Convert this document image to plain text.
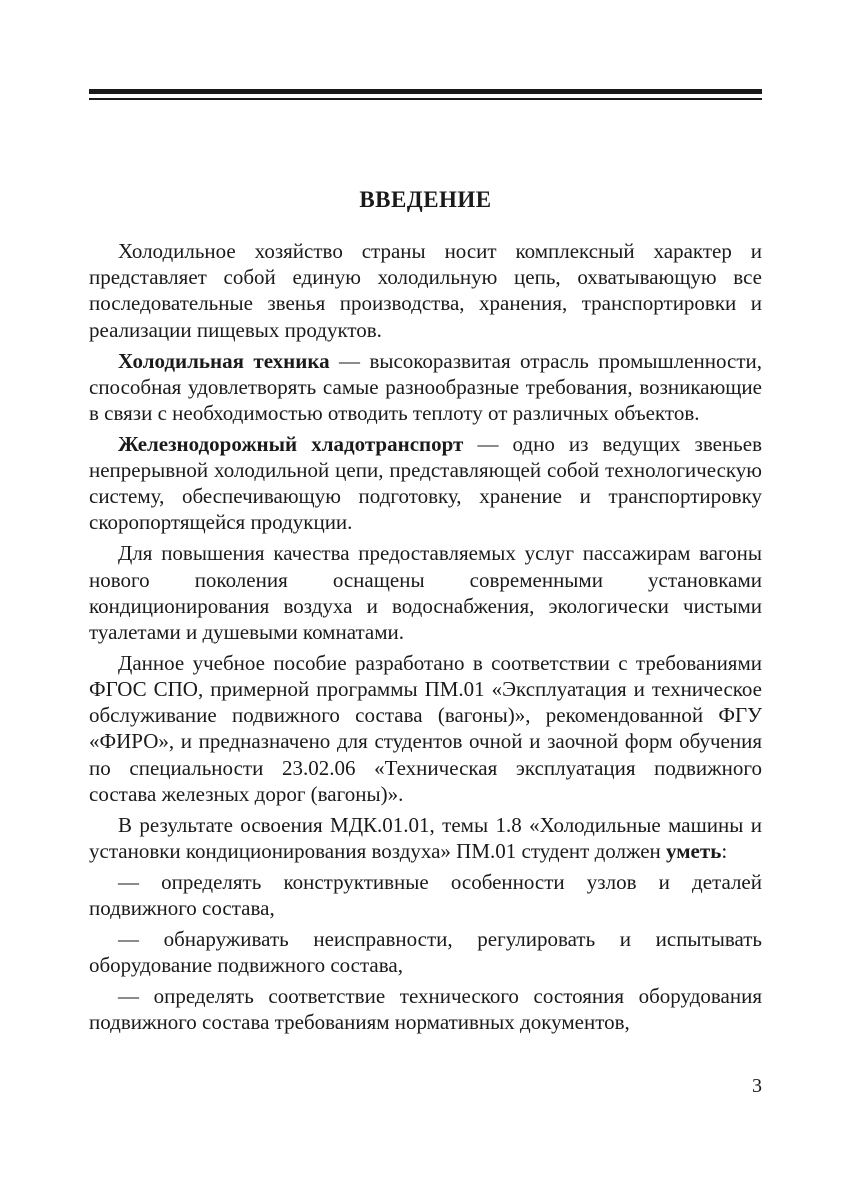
ВВЕДЕНИЕ

Холодильное хозяйство страны носит комплексный характер и представляет собой единую холодильную цепь, охватывающую все последовательные звенья производства, хранения, транспортировки и реализации пищевых продуктов.

Холодильная техника — высокоразвитая отрасль промышленности, способная удовлетворять самые разнообразные требования, возникающие в связи с необходимостью отводить теплоту от различных объектов.

Железнодорожный хладотранспорт — одно из ведущих звеньев непрерывной холодильной цепи, представляющей собой технологическую систему, обеспечивающую подготовку, хранение и транспортировку скоропортящейся продукции.

Для повышения качества предоставляемых услуг пассажирам вагоны нового поколения оснащены современными установками кондиционирования воздуха и водоснабжения, экологически чистыми туалетами и душевыми комнатами.

Данное учебное пособие разработано в соответствии с требованиями ФГОС СПО, примерной программы ПМ.01 «Эксплуатация и техническое обслуживание подвижного состава (вагоны)», рекомендованной ФГУ «ФИРО», и предназначено для студентов очной и заочной форм обучения по специальности 23.02.06 «Техническая эксплуатация подвижного состава железных дорог (вагоны)».

В результате освоения МДК.01.01, темы 1.8 «Холодильные машины и установки кондиционирования воздуха» ПМ.01 студент должен уметь:

— определять конструктивные особенности узлов и деталей подвижного состава,

— обнаруживать неисправности, регулировать и испытывать оборудование подвижного состава,

— определять соответствие технического состояния оборудования подвижного состава требованиям нормативных документов,

3
